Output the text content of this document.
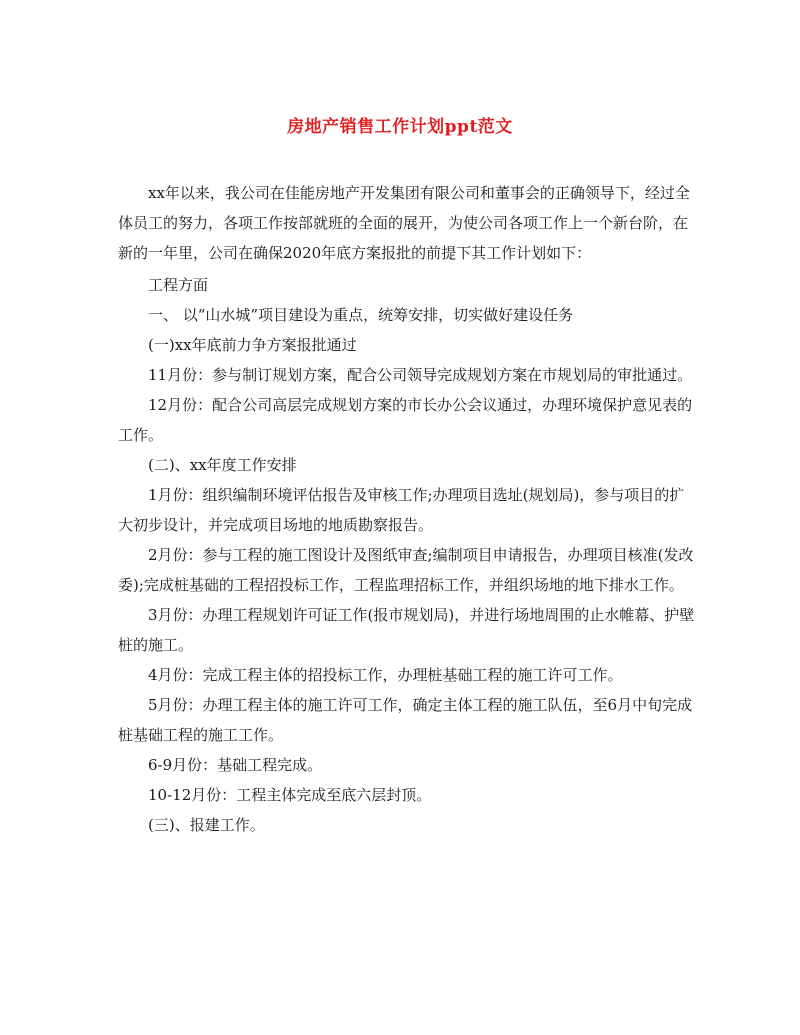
房地产销售工作计划ppt范文

xx年以来，我公司在佳能房地产开发集团有限公司和董事会的正确领导下，经过全体员工的努力，各项工作按部就班的全面的展开，为使公司各项工作上一个新台阶，在新的一年里，公司在确保2020年底方案报批的前提下其工作计划如下：

工程方面

一、 以“山水城”项目建设为重点，统筹安排，切实做好建设任务

(一)xx年底前力争方案报批通过

11月份：参与制订规划方案，配合公司领导完成规划方案在市规划局的审批通过。

12月份：配合公司高层完成规划方案的市长办公会议通过，办理环境保护意见表的工作。

(二)、xx年度工作安排

1月份：组织编制环境评估报告及审核工作;办理项目选址(规划局)，参与项目的扩大初步设计，并完成项目场地的地质勘察报告。

2月份：参与工程的施工图设计及图纸审查;编制项目申请报告，办理项目核准(发改委);完成桩基础的工程招投标工作，工程监理招标工作，并组织场地的地下排水工作。

3月份：办理工程规划许可证工作(报市规划局)，并进行场地周围的止水帷幕、护壁桩的施工。

4月份：完成工程主体的招投标工作，办理桩基础工程的施工许可工作。

5月份：办理工程主体的施工许可工作，确定主体工程的施工队伍，至6月中旬完成桩基础工程的施工工作。

6-9月份：基础工程完成。

10-12月份：工程主体完成至底六层封顶。

(三)、报建工作。
